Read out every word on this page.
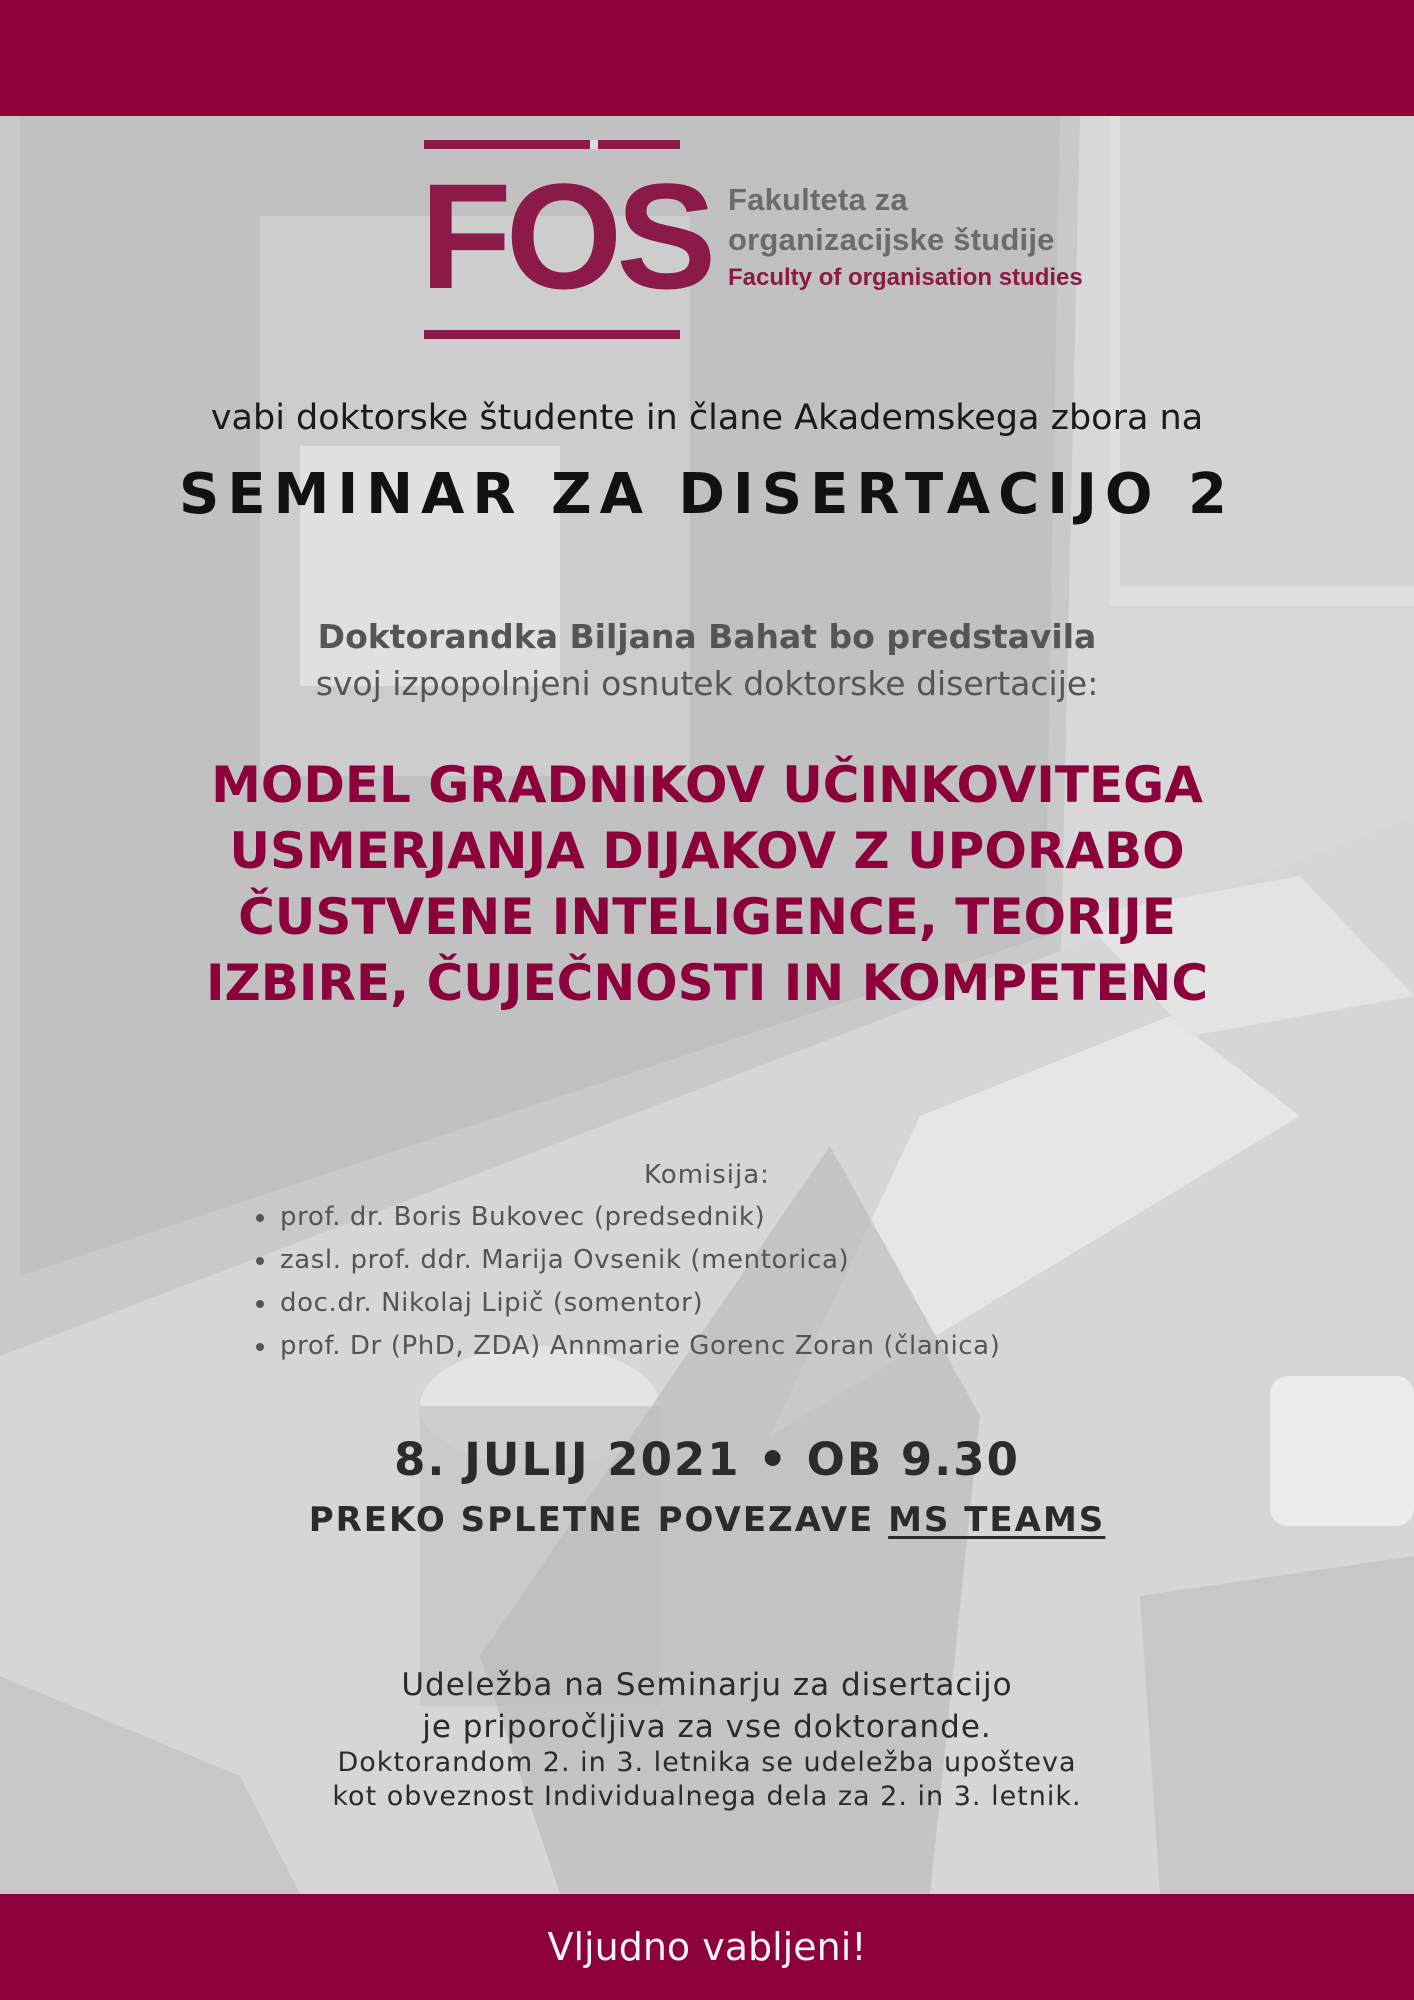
FOS Fakulteta za
organizacijske študije
Faculty of organisation studies
vabi doktorske študente in člane Akademskega zbora na
SEMINAR ZA DISERTACIJO 2
Doktorandka Biljana Bahat bo predstavila
svoj izpopolnjeni osnutek doktorske disertacije:
MODEL GRADNIKOV UČINKOVITEGA
USMERJANJA DIJAKOV Z UPORABO
ČUSTVENE INTELIGENCE, TEORIJE
IZBIRE, ČUJEČNOSTI IN KOMPETENC
Komisija:
• prof. dr. Boris Bukovec (predsednik)
• zasl. prof. ddr. Marija Ovsenik (mentorica)
• doc.dr. Nikolaj Lipič (somentor)
• prof. Dr (PhD, ZDA) Annmarie Gorenc Zoran (članica)
8. JULIJ 2021 • OB 9.30
PREKO SPLETNE POVEZAVE MS TEAMS
Udeležba na Seminarju za disertacijo
je priporočljiva za vse doktorande.
Doktorandom 2. in 3. letnika se udeležba upošteva
kot obveznost Individualnega dela za 2. in 3. letnik.
Vljudno vabljeni!
